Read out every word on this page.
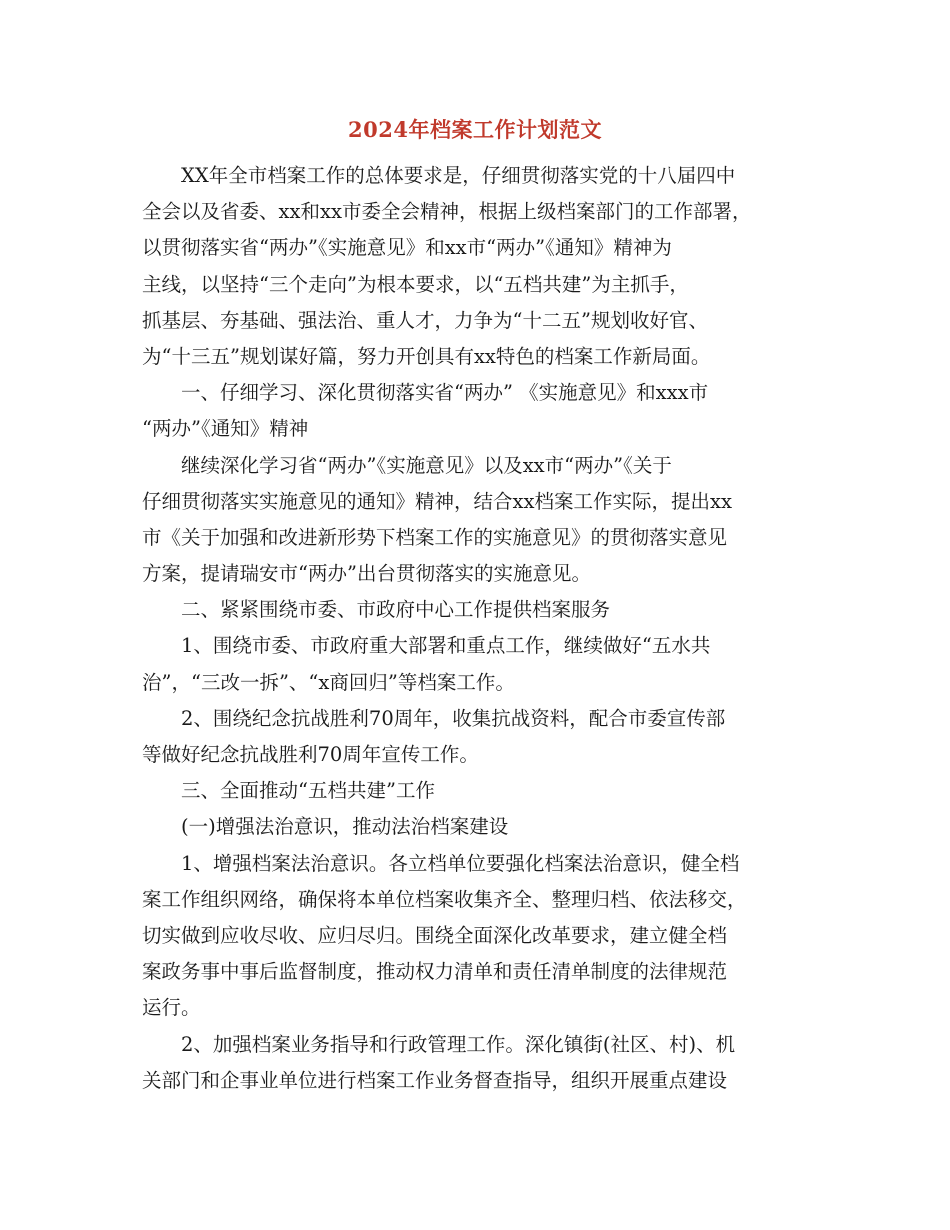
2024年档案工作计划范文
　　XX年全市档案工作的总体要求是，仔细贯彻落实党的十八届四中
全会以及省委、xx和xx市委全会精神，根据上级档案部门的工作部署，
以贯彻落实省“两办”《实施意见》和xx市“两办”《通知》精神为
主线，以坚持“三个走向”为根本要求，以“五档共建”为主抓手，
抓基层、夯基础、强法治、重人才，力争为“十二五”规划收好官、
为“十三五”规划谋好篇，努力开创具有xx特色的档案工作新局面。
　　一、仔细学习、深化贯彻落实省“两办” 《实施意见》和xxx市
“两办”《通知》精神
　　继续深化学习省“两办”《实施意见》以及xx市“两办”《关于
仔细贯彻落实实施意见的通知》精神，结合xx档案工作实际，提出xx
市《关于加强和改进新形势下档案工作的实施意见》的贯彻落实意见
方案，提请瑞安市“两办”出台贯彻落实的实施意见。
　　二、紧紧围绕市委、市政府中心工作提供档案服务
　　1、围绕市委、市政府重大部署和重点工作，继续做好“五水共
治”，“三改一拆”、“x商回归”等档案工作。
　　2、围绕纪念抗战胜利70周年，收集抗战资料，配合市委宣传部
等做好纪念抗战胜利70周年宣传工作。
　　三、全面推动“五档共建”工作
　　(一)增强法治意识，推动法治档案建设
　　1、增强档案法治意识。各立档单位要强化档案法治意识，健全档
案工作组织网络，确保将本单位档案收集齐全、整理归档、依法移交，
切实做到应收尽收、应归尽归。围绕全面深化改革要求，建立健全档
案政务事中事后监督制度，推动权力清单和责任清单制度的法律规范
运行。
　　2、加强档案业务指导和行政管理工作。深化镇街(社区、村)、机
关部门和企事业单位进行档案工作业务督查指导，组织开展重点建设
